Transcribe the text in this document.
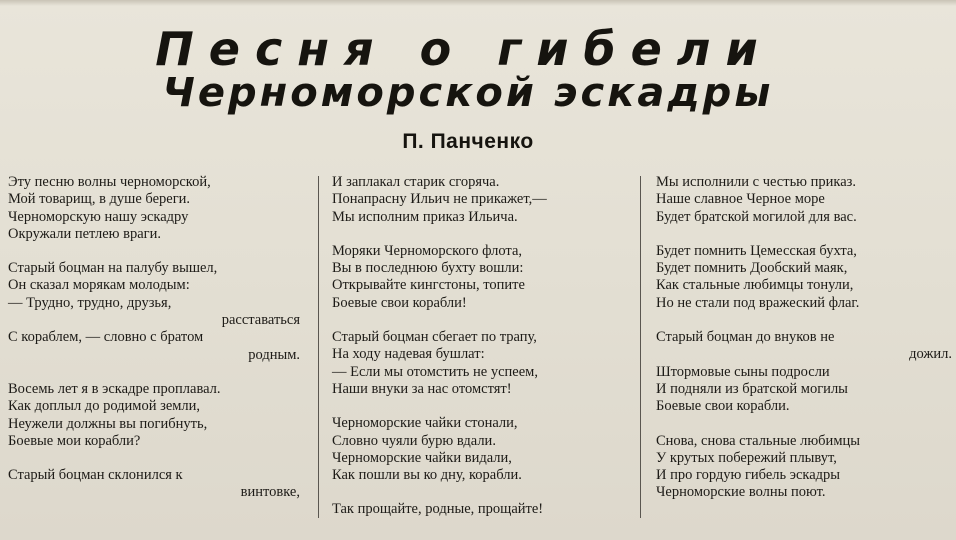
Песня о гибели
Черноморской эскадры
П. Панченко
Эту песню волны черноморской,
Мой товарищ, в душе береги.
Черноморскую нашу эскадру
Окружали петлею враги.
Старый боцман на палубу вышел,
Он сказал морякам молодым:
— Трудно, трудно, друзья,
расставаться
С кораблем, — словно с братом
родным.
Восемь лет я в эскадре проплавал.
Как доплыл до родимой земли,
Неужели должны вы погибнуть,
Боевые мои корабли?
Старый боцман склонился к
винтовке,
И заплакал старик сгоряча.
Понапрасну Ильич не прикажет,—
Мы исполним приказ Ильича.
Моряки Черноморского флота,
Вы в последнюю бухту вошли:
Открывайте кингстоны, топите
Боевые свои корабли!
Старый боцман сбегает по трапу,
На ходу надевая бушлат:
— Если мы отомстить не успеем,
Наши внуки за нас отомстят!
Черноморские чайки стонали,
Словно чуяли бурю вдали.
Черноморские чайки видали,
Как пошли вы ко дну, корабли.
Так прощайте, родные, прощайте!
Мы исполнили с честью приказ.
Наше славное Черное море
Будет братской могилой для вас.
Будет помнить Цемесская бухта,
Будет помнить Дообский маяк,
Как стальные любимцы тонули,
Но не стали под вражеский флаг.
Старый боцман до внуков не
дожил.
Штормовые сыны подросли
И подняли из братской могилы
Боевые свои корабли.
Снова, снова стальные любимцы
У крутых побережий плывут,
И про гордую гибель эскадры
Черноморские волны поют.
